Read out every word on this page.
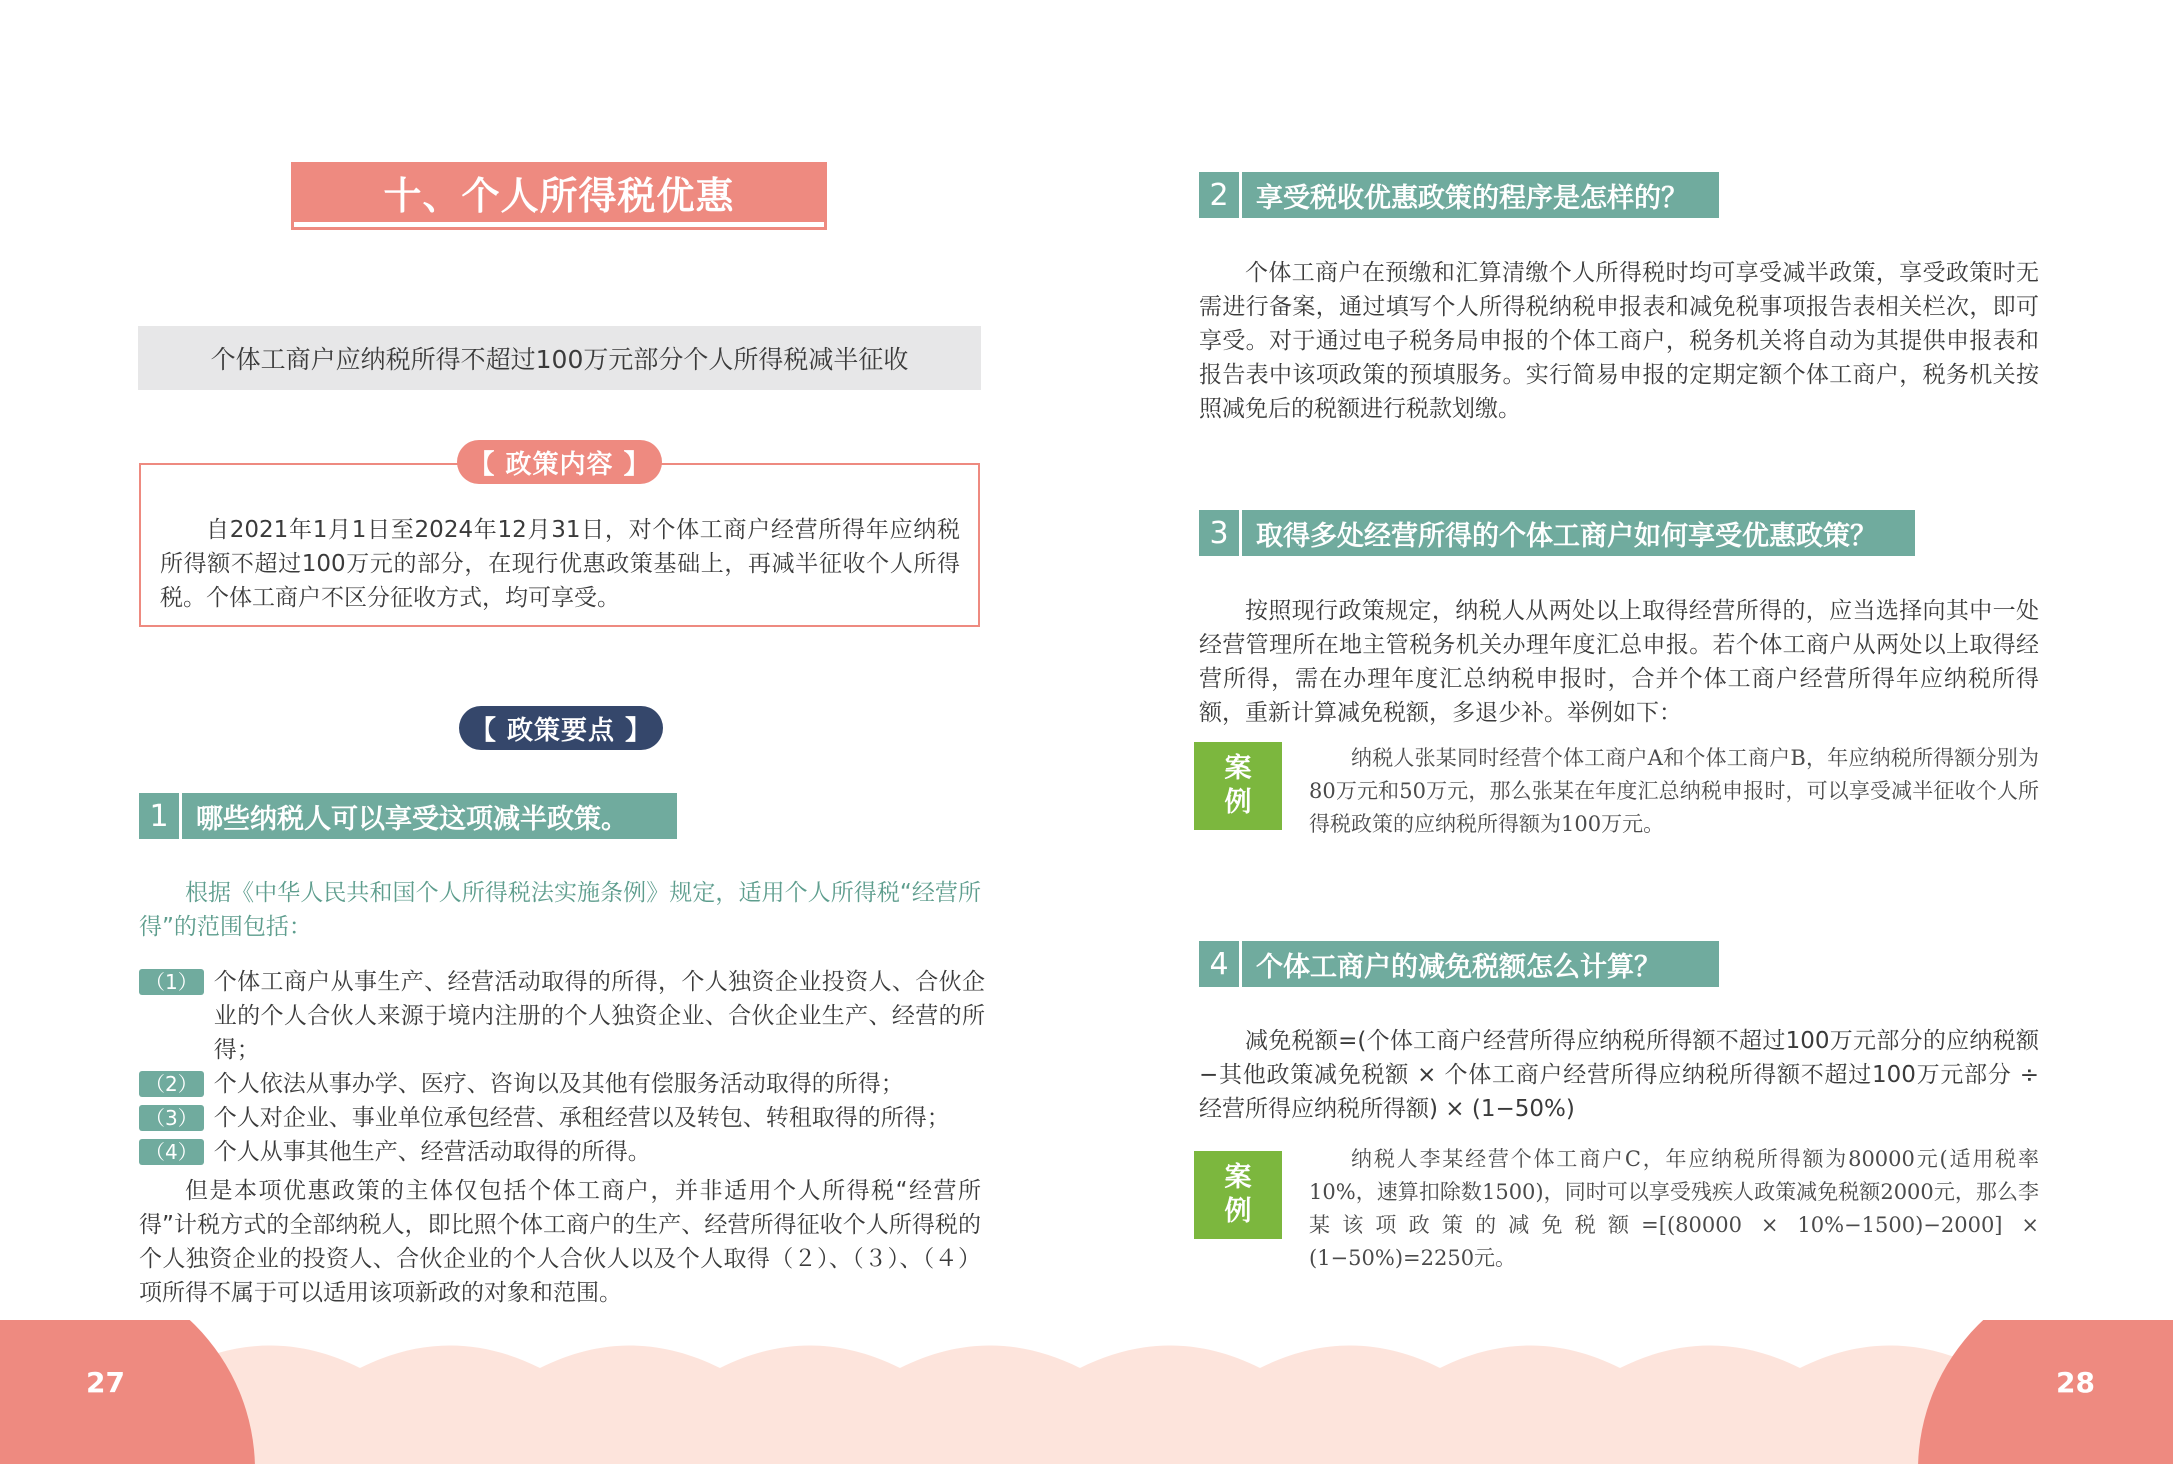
十、个人所得税优惠
个体工商户应纳税所得不超过100万元部分个人所得税减半征收
【 政策内容 】
自2021年1月1日至2024年12月31日，对个体工商户经营所得年应纳税所得额不超过100万元的部分，在现行优惠政策基础上，再减半征收个人所得税。个体工商户不区分征收方式，均可享受。
【 政策要点 】
1	哪些纳税人可以享受这项减半政策。
根据《中华人民共和国个人所得税法实施条例》规定，适用个人所得税“经营所得”的范围包括：
（1） 个体工商户从事生产、经营活动取得的所得，个人独资企业投资人、合伙企业的个人合伙人来源于境内注册的个人独资企业、合伙企业生产、经营的所得；
（2） 个人依法从事办学、医疗、咨询以及其他有偿服务活动取得的所得；
（3） 个人对企业、事业单位承包经营、承租经营以及转包、转租取得的所得；
（4） 个人从事其他生产、经营活动取得的所得。
但是本项优惠政策的主体仅包括个体工商户，并非适用个人所得税“经营所得”计税方式的全部纳税人，即比照个体工商户的生产、经营所得征收个人所得税的个人独资企业的投资人、合伙企业的个人合伙人以及个人取得（２）、（３）、（４）项所得不属于可以适用该项新政的对象和范围。
2	享受税收优惠政策的程序是怎样的？
个体工商户在预缴和汇算清缴个人所得税时均可享受减半政策，享受政策时无需进行备案，通过填写个人所得税纳税申报表和减免税事项报告表相关栏次，即可享受。对于通过电子税务局申报的个体工商户，税务机关将自动为其提供申报表和报告表中该项政策的预填服务。实行简易申报的定期定额个体工商户，税务机关按照减免后的税额进行税款划缴。
3	取得多处经营所得的个体工商户如何享受优惠政策？
按照现行政策规定，纳税人从两处以上取得经营所得的，应当选择向其中一处经营管理所在地主管税务机关办理年度汇总申报。若个体工商户从两处以上取得经营所得，需在办理年度汇总纳税申报时，合并个体工商户经营所得年应纳税所得额，重新计算减免税额，多退少补。举例如下：
案
例
纳税人张某同时经营个体工商户A和个体工商户B，年应纳税所得额分别为80万元和50万元，那么张某在年度汇总纳税申报时，可以享受减半征收个人所得税政策的应纳税所得额为100万元。
4	个体工商户的减免税额怎么计算？
减免税额=(个体工商户经营所得应纳税所得额不超过100万元部分的应纳税额−其他政策减免税额 × 个体工商户经营所得应纳税所得额不超过100万元部分 ÷ 经营所得应纳税所得额) × (1−50%)
案
例
纳税人李某经营个体工商户C，年应纳税所得额为80000元(适用税率10%，速算扣除数1500)，同时可以享受残疾人政策减免税额2000元，那么李某该项政策的减免税额=[(80000 × 10%−1500)−2000] × (1−50%)=2250元。
27	28
